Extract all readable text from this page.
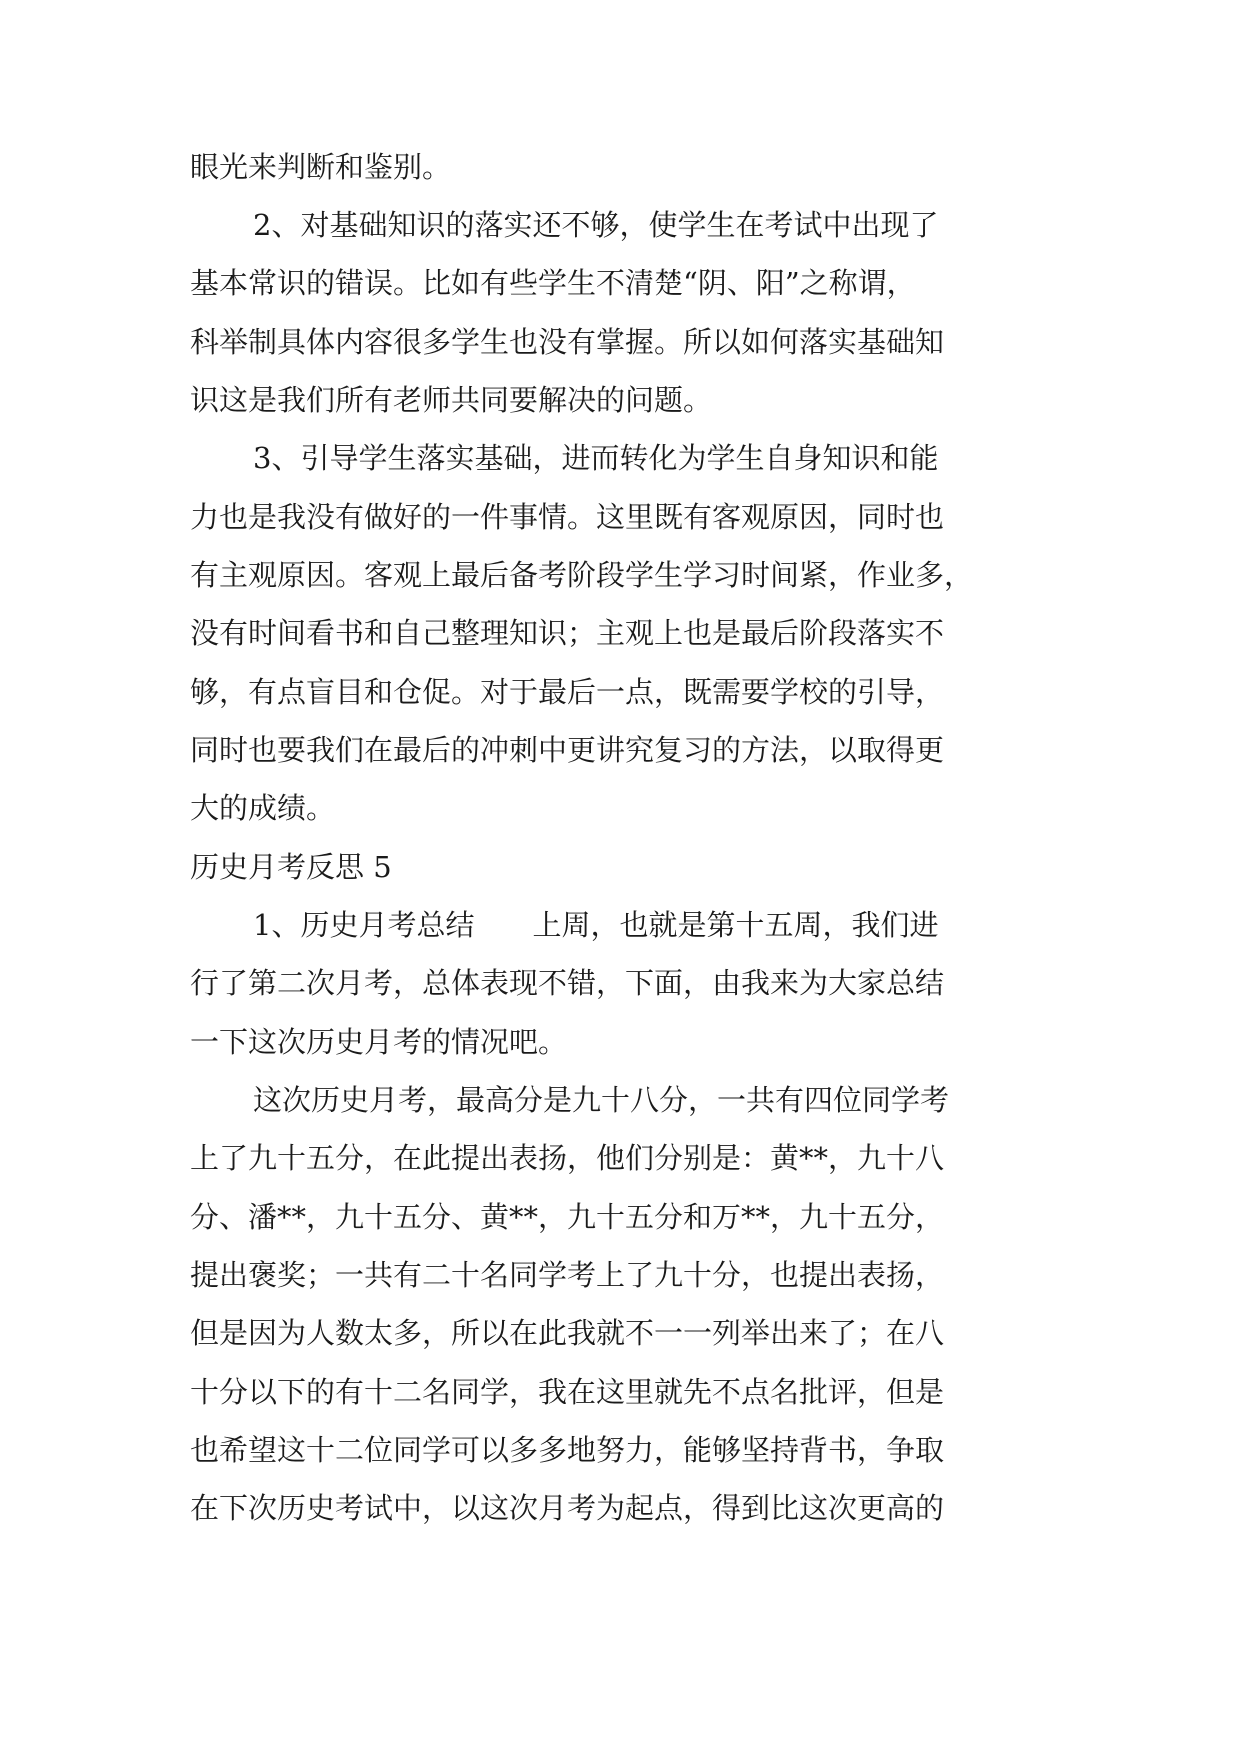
眼光来判断和鉴别。
2、对基础知识的落实还不够，使学生在考试中出现了
基本常识的错误。比如有些学生不清楚“阴、阳”之称谓，
科举制具体内容很多学生也没有掌握。所以如何落实基础知
识这是我们所有老师共同要解决的问题。
3、引导学生落实基础，进而转化为学生自身知识和能
力也是我没有做好的一件事情。这里既有客观原因，同时也
有主观原因。客观上最后备考阶段学生学习时间紧，作业多，
没有时间看书和自己整理知识；主观上也是最后阶段落实不
够，有点盲目和仓促。对于最后一点，既需要学校的引导，
同时也要我们在最后的冲刺中更讲究复习的方法，以取得更
大的成绩。
历史月考反思 5
1、历史月考总结　　上周，也就是第十五周，我们进
行了第二次月考，总体表现不错，下面，由我来为大家总结
一下这次历史月考的情况吧。
这次历史月考，最高分是九十八分，一共有四位同学考
上了九十五分，在此提出表扬，他们分别是：黄**，九十八
分、潘**，九十五分、黄**，九十五分和万**，九十五分，
提出褒奖；一共有二十名同学考上了九十分，也提出表扬，
但是因为人数太多，所以在此我就不一一列举出来了；在八
十分以下的有十二名同学，我在这里就先不点名批评，但是
也希望这十二位同学可以多多地努力，能够坚持背书，争取
在下次历史考试中，以这次月考为起点，得到比这次更高的
